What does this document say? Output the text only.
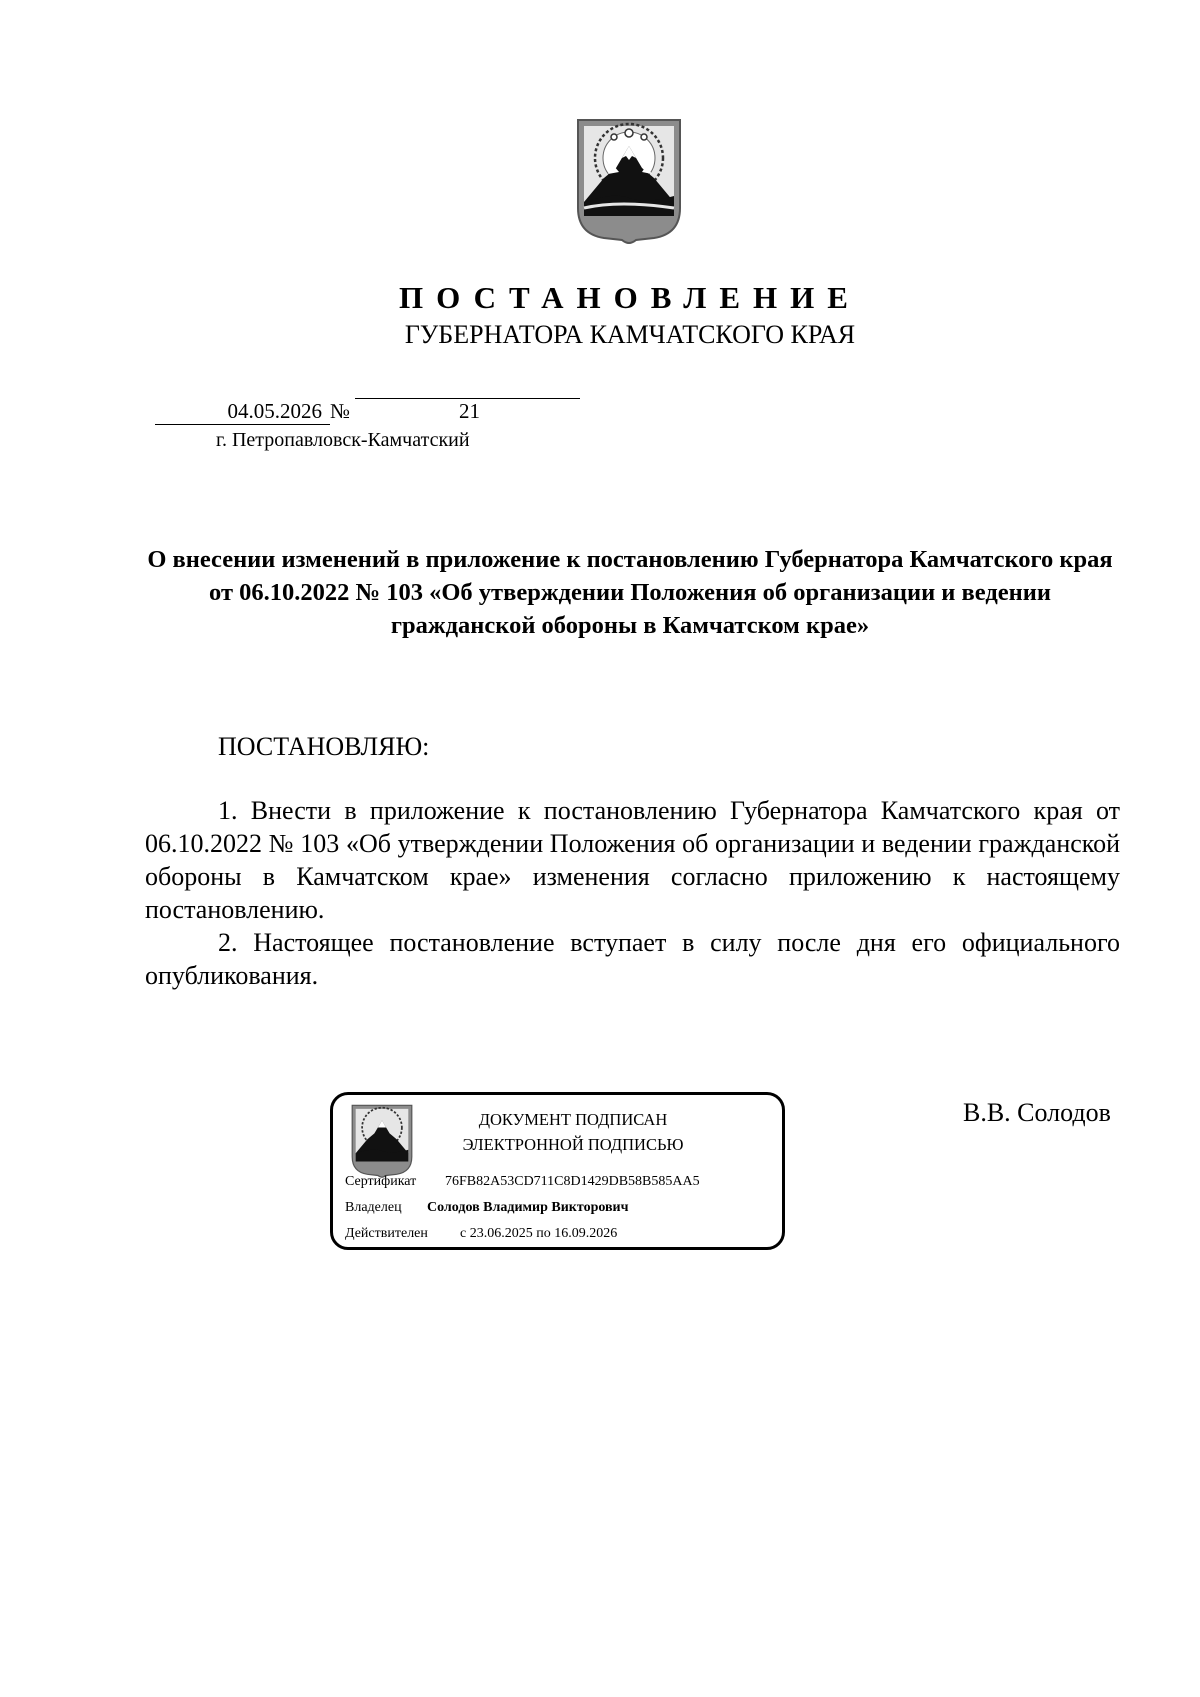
ПОСТАНОВЛЕНИЕ
ГУБЕРНАТОРА КАМЧАТСКОГО КРАЯ
04.05.2026 №	21
г. Петропавловск-Камчатский
О внесении изменений в приложение к постановлению Губернатора Камчатского края от 06.10.2022 № 103 «Об утверждении Положения об организации и ведении гражданской обороны в Камчатском крае»
ПОСТАНОВЛЯЮ:

1. Внести в приложение к постановлению Губернатора Камчатского края от 06.10.2022 № 103 «Об утверждении Положения об организации и ведении гражданской обороны в Камчатском крае» изменения согласно приложению к настоящему постановлению.

2. Настоящее постановление вступает в силу после дня его официального опубликования.

ДОКУМЕНТ ПОДПИСАН
ЭЛЕКТРОННОЙ ПОДПИСЬЮ
Сертификат 76FB82A53CD711C8D1429DB58B585AA5
Владелец Солодов Владимир Викторович
Действителен с 23.06.2025 по 16.09.2026
В.В. Солодов
